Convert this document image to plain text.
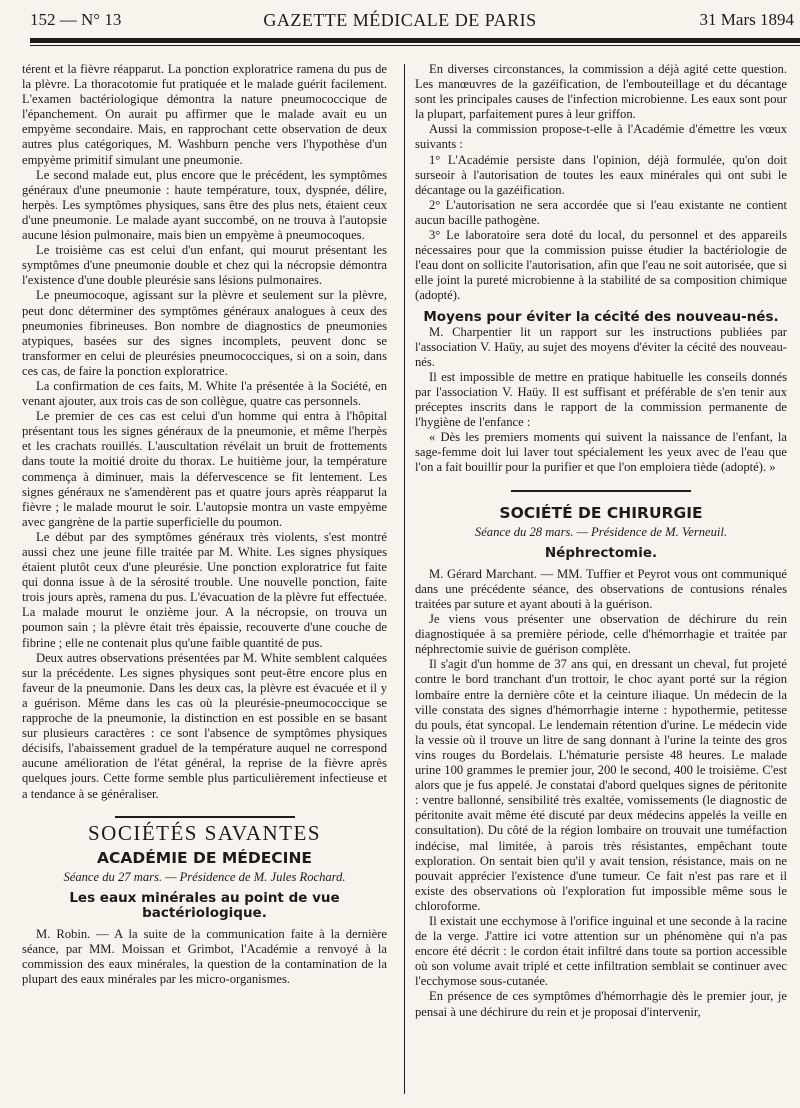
152 — N° 13	GAZETTE MÉDICALE DE PARIS	31 Mars 1894

térent et la fièvre réapparut. La ponction exploratrice ramena du pus de la plèvre. La thoracotomie fut pratiquée et le malade guérit facilement. L'examen bactériologique démontra la nature pneumococcique de l'épanchement. On aurait pu affirmer que le malade avait eu un empyème secondaire. Mais, en rapprochant cette observation de deux autres plus catégoriques, M. Washburn penche vers l'hypothèse d'un empyème primitif simulant une pneumonie.

Le second malade eut, plus encore que le précédent, les symptômes généraux d'une pneumonie : haute température, toux, dyspnée, délire, herpès. Les symptômes physiques, sans être des plus nets, étaient ceux d'une pneumonie. Le malade ayant succombé, on ne trouva à l'autopsie aucune lésion pulmonaire, mais bien un empyème à pneumocoques.

Le troisième cas est celui d'un enfant, qui mourut présentant les symptômes d'une pneumonie double et chez qui la nécropsie démontra l'existence d'une double pleurésie sans lésions pulmonaires.

Le pneumocoque, agissant sur la plèvre et seulement sur la plèvre, peut donc déterminer des symptômes généraux analogues à ceux des pneumonies fibrineuses. Bon nombre de diagnostics de pneumonies atypiques, basées sur des signes incomplets, peuvent donc se transformer en celui de pleurésies pneumococciques, si on a soin, dans ces cas, de faire la ponction exploratrice.

La confirmation de ces faits, M. White l'a présentée à la Société, en venant ajouter, aux trois cas de son collègue, quatre cas personnels.

Le premier de ces cas est celui d'un homme qui entra à l'hôpital présentant tous les signes généraux de la pneumonie, et même l'herpès et les crachats rouillés. L'auscultation révélait un bruit de frottements dans toute la moitié droite du thorax. Le huitième jour, la température commença à diminuer, mais la défervescence se fit lentement. Les signes généraux ne s'amendèrent pas et quatre jours après réapparut la fièvre ; le malade mourut le soir. L'autopsie montra un vaste empyème avec gangrène de la partie superficielle du poumon.

Le début par des symptômes généraux très violents, s'est montré aussi chez une jeune fille traitée par M. White. Les signes physiques étaient plutôt ceux d'une pleurésie. Une ponction exploratrice fut faite qui donna issue à de la sérosité trouble. Une nouvelle ponction, faite trois jours après, ramena du pus. L'évacuation de la plèvre fut effectuée. La malade mourut le onzième jour. A la nécropsie, on trouva un poumon sain ; la plèvre était très épaissie, recouverte d'une couche de fibrine ; elle ne contenait plus qu'une faible quantité de pus.

Deux autres observations présentées par M. White semblent calquées sur la précédente. Les signes physiques sont peut-être encore plus en faveur de la pneumonie. Dans les deux cas, la plèvre est évacuée et il y a guérison. Même dans les cas où la pleurésie-pneumococcique se rapproche de la pneumonie, la distinction en est possible en se basant sur plusieurs caractères : ce sont l'absence de symptômes physiques décisifs, l'abaissement graduel de la température auquel ne correspond aucune amélioration de l'état général, la reprise de la fièvre après quelques jours. Cette forme semble plus particulièrement infectieuse et a tendance à se généraliser.

SOCIÉTÉS SAVANTES

ACADÉMIE DE MÉDECINE

Séance du 27 mars. — Présidence de M. Jules Rochard.

Les eaux minérales au point de vue bactériologique.

M. Robin. — A la suite de la communication faite à la dernière séance, par MM. Moissan et Grimbot, l'Académie a renvoyé à la commission des eaux minérales, la question de la contamination de la plupart des eaux minérales par les micro-organismes.

En diverses circonstances, la commission a déjà agité cette question. Les manœuvres de la gazéification, de l'embouteillage et du décantage sont les principales causes de l'infection microbienne. Les eaux sont pour la plupart, parfaitement pures à leur griffon.

Aussi la commission propose-t-elle à l'Académie d'émettre les vœux suivants :

1° L'Académie persiste dans l'opinion, déjà formulée, qu'on doit surseoir à l'autorisation de toutes les eaux minérales qui ont subi le décantage ou la gazéification.

2° L'autorisation ne sera accordée que si l'eau existante ne contient aucun bacille pathogène.

3° Le laboratoire sera doté du local, du personnel et des appareils nécessaires pour que la commission puisse étudier la bactériologie de l'eau dont on sollicite l'autorisation, afin que l'eau ne soit autorisée, que si elle joint la pureté microbienne à la stabilité de sa composition chimique (adopté).

Moyens pour éviter la cécité des nouveau-nés.

M. Charpentier lit un rapport sur les instructions publiées par l'association V. Haüy, au sujet des moyens d'éviter la cécité des nouveau-nés.

Il est impossible de mettre en pratique habituelle les conseils donnés par l'association V. Haüy. Il est suffisant et préférable de s'en tenir aux préceptes inscrits dans le rapport de la commission permanente de l'hygiène de l'enfance :

« Dès les premiers moments qui suivent la naissance de l'enfant, la sage-femme doit lui laver tout spécialement les yeux avec de l'eau que l'on a fait bouillir pour la purifier et que l'on emploiera tiède (adopté). »

SOCIÉTÉ DE CHIRURGIE

Séance du 28 mars. — Présidence de M. Verneuil.

Néphrectomie.

M. Gérard Marchant. — MM. Tuffier et Peyrot vous ont communiqué dans une précédente séance, des observations de contusions rénales traitées par suture et ayant abouti à la guérison.

Je viens vous présenter une observation de déchirure du rein diagnostiquée à sa première période, celle d'hémorrhagie et traitée par néphrectomie suivie de guérison complète.

Il s'agit d'un homme de 37 ans qui, en dressant un cheval, fut projeté contre le bord tranchant d'un trottoir, le choc ayant porté sur la région lombaire entre la dernière côte et la ceinture iliaque. Un médecin de la ville constata des signes d'hémorrhagie interne : hypothermie, petitesse du pouls, état syncopal. Le lendemain rétention d'urine. Le médecin vide la vessie où il trouve un litre de sang donnant à l'urine la teinte des gros vins rouges du Bordelais. L'hématurie persiste 48 heures. Le malade urine 100 grammes le premier jour, 200 le second, 400 le troisième. C'est alors que je fus appelé. Je constatai d'abord quelques signes de péritonite : ventre ballonné, sensibilité très exaltée, vomissements (le diagnostic de péritonite avait même été discuté par deux médecins appelés la veille en consultation). Du côté de la région lombaire on trouvait une tuméfaction indécise, mal limitée, à parois très résistantes, empêchant toute exploration. On sentait bien qu'il y avait tension, résistance, mais on ne pouvait apprécier l'existence d'une tumeur. Ce fait n'est pas rare et il existe des observations où l'exploration fut impossible même sous le chloroforme.

Il existait une ecchymose à l'orifice inguinal et une seconde à la racine de la verge. J'attire ici votre attention sur un phénomène qui n'a pas encore été décrit : le cordon était infiltré dans toute sa portion accessible où son volume avait triplé et cette infiltration semblait se continuer avec l'ecchymose sous-cutanée.

En présence de ces symptômes d'hémorrhagie dès le premier jour, je pensai à une déchirure du rein et je proposai d'intervenir,
